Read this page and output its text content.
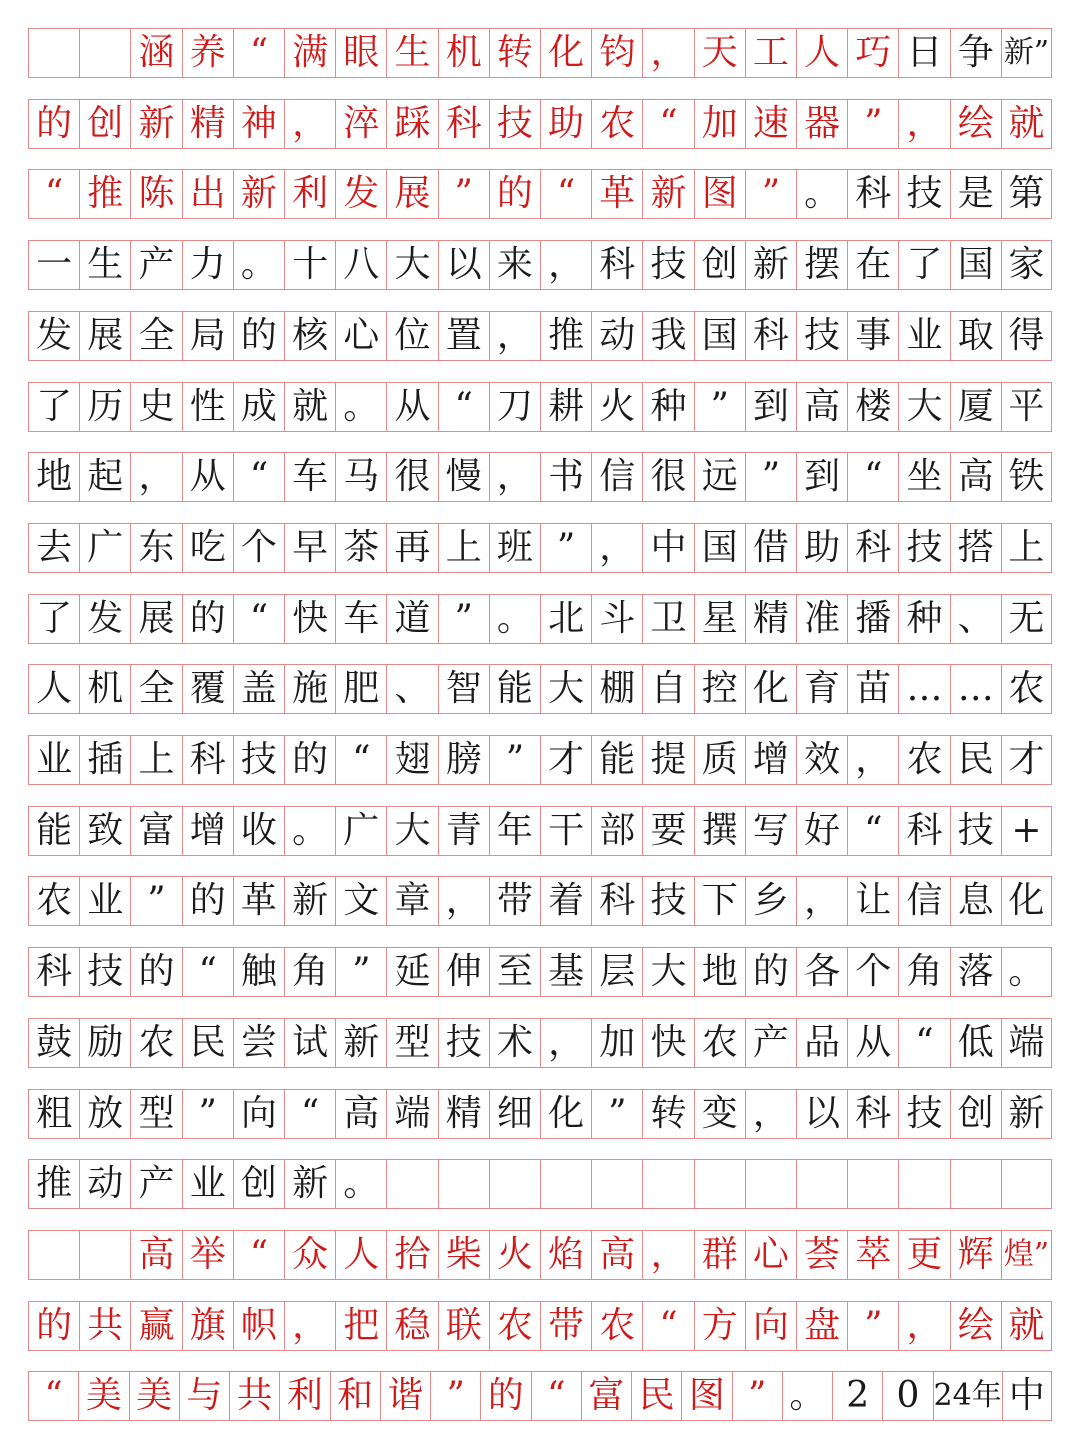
涵 养 “ 满 眼 生 机 转 化 钧 ， 天 工 人 巧 日 争 新”
的 创 新 精 神 ， 淬 踩 科 技 助 农 “ 加 速 器 ” ， 绘 就
“ 推 陈 出 新 利 发 展 ” 的 “ 革 新 图 ” 。 科 技 是 第
一 生 产 力 。 十 八 大 以 来 ， 科 技 创 新 摆 在 了 国 家
发 展 全 局 的 核 心 位 置 ， 推 动 我 国 科 技 事 业 取 得
了 历 史 性 成 就 。 从 “ 刀 耕 火 种 ” 到 高 楼 大 厦 平
地 起 ， 从 “ 车 马 很 慢 ， 书 信 很 远 ” 到 “ 坐 高 铁
去 广 东 吃 个 早 茶 再 上 班 ” ， 中 国 借 助 科 技 搭 上
了 发 展 的 “ 快 车 道 ” 。 北 斗 卫 星 精 准 播 种 、 无
人 机 全 覆 盖 施 肥 、 智 能 大 棚 自 控 化 育 苗 … … 农
业 插 上 科 技 的 “ 翅 膀 ” 才 能 提 质 增 效 ， 农 民 才
能 致 富 增 收 。 广 大 青 年 干 部 要 撰 写 好 “ 科 技 +
农 业 ” 的 革 新 文 章 ， 带 着 科 技 下 乡 ， 让 信 息 化
科 技 的 “ 触 角 ” 延 伸 至 基 层 大 地 的 各 个 角 落 。
鼓 励 农 民 尝 试 新 型 技 术 ， 加 快 农 产 品 从 “ 低 端
粗 放 型 ” 向 “ 高 端 精 细 化 ” 转 变 ， 以 科 技 创 新
推 动 产 业 创 新 。
高 举 “ 众 人 拾 柴 火 焰 高 ， 群 心 荟 萃 更 辉 煌”
的 共 赢 旗 帜 ， 把 稳 联 农 带 农 “ 方 向 盘 ” ， 绘 就
“ 美 美 与 共 利 和 谐 ” 的 “ 富 民 图 ” 。 2 0 24年 中
